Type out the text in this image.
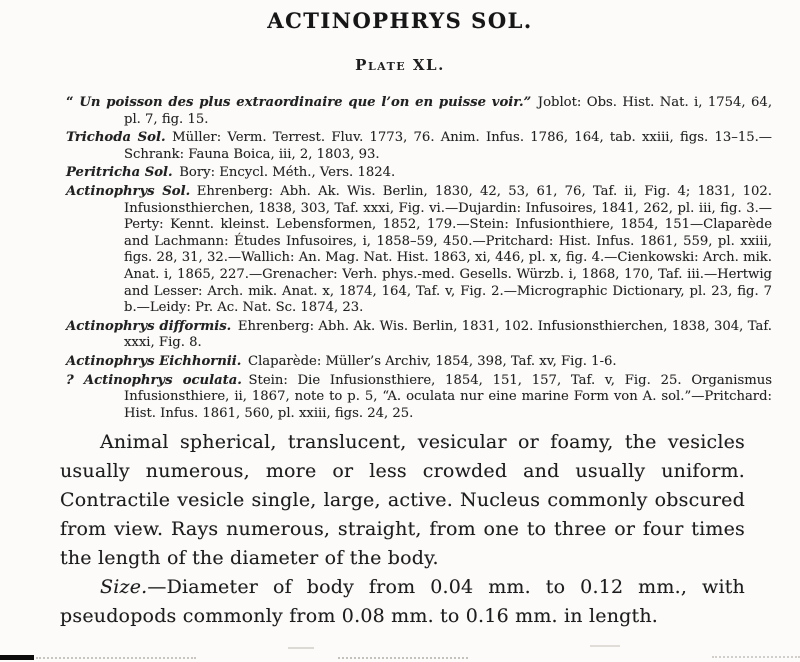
ACTINOPHRYS SOL.
Plate XL.

“ Un poisson des plus extraordinaire que l’on en puisse voir.” Joblot: Obs. Hist. Nat. i, 1754, 64, pl. 7, fig. 15.

Trichoda Sol. Müller: Verm. Terrest. Fluv. 1773, 76. Anim. Infus. 1786, 164, tab. xxiii, figs. 13–15.—Schrank: Fauna Boica, iii, 2, 1803, 93.

Peritricha Sol. Bory: Encycl. Méth., Vers. 1824.

Actinophrys Sol. Ehrenberg: Abh. Ak. Wis. Berlin, 1830, 42, 53, 61, 76, Taf. ii, Fig. 4; 1831, 102. Infusionsthierchen, 1838, 303, Taf. xxxi, Fig. vi.—Dujardin: Infusoires, 1841, 262, pl. iii, fig. 3.—Perty: Kennt. kleinst. Lebensformen, 1852, 179.—Stein: Infusionthiere, 1854, 151—Claparède and Lachmann: Études Infusoires, i, 1858–59, 450.—Pritchard: Hist. Infus. 1861, 559, pl. xxiii, figs. 28, 31, 32.—Wallich: An. Mag. Nat. Hist. 1863, xi, 446, pl. x, fig. 4.—Cienkowski: Arch. mik. Anat. i, 1865, 227.—Grenacher: Verh. phys.-med. Gesells. Würzb. i, 1868, 170, Taf. iii.—Hertwig and Lesser: Arch. mik. Anat. x, 1874, 164, Taf. v, Fig. 2.—Micrographic Dictionary, pl. 23, fig. 7 b.—Leidy: Pr. Ac. Nat. Sc. 1874, 23.

Actinophrys difformis. Ehrenberg: Abh. Ak. Wis. Berlin, 1831, 102. Infusionsthierchen, 1838, 304, Taf. xxxi, Fig. 8.

Actinophrys Eichhornii. Claparède: Müller’s Archiv, 1854, 398, Taf. xv, Fig. 1-6.

? Actinophrys oculata. Stein: Die Infusionsthiere, 1854, 151, 157, Taf. v, Fig. 25. Organismus Infusionsthiere, ii, 1867, note to p. 5, “A. oculata nur eine marine Form von A. sol.”—Pritchard: Hist. Infus. 1861, 560, pl. xxiii, figs. 24, 25.

Animal spherical, translucent, vesicular or foamy, the vesicles usually numerous, more or less crowded and usually uniform. Contractile vesicle single, large, active. Nucleus commonly obscured from view. Rays numerous, straight, from one to three or four times the length of the diameter of the body.

Size.—Diameter of body from 0.04 mm. to 0.12 mm., with pseudopods commonly from 0.08 mm. to 0.16 mm. in length.
